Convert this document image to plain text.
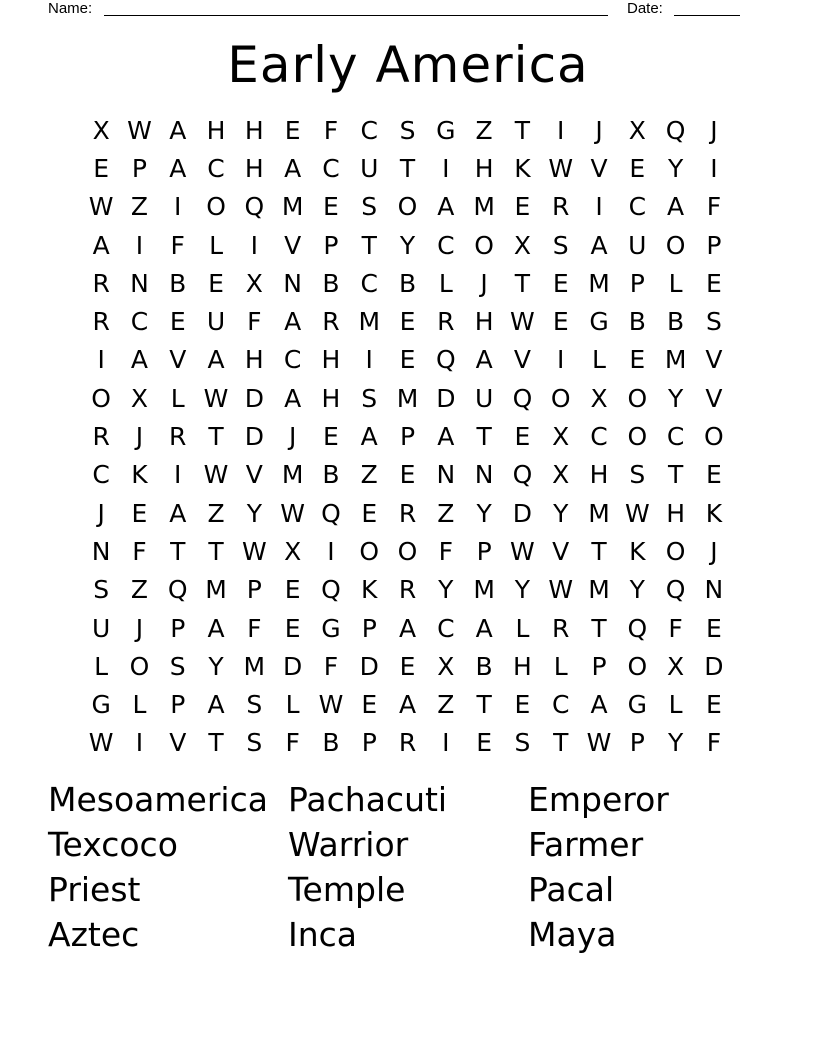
Name:	Date:
Early America
X W A H H E F C S G Z T	I	J	X Q J
E P A C H A C U T	I	H K W V E Y	I
W Z	I O Q M E S O A M E R	I	C A F
A	I	F L	I	V P T Y C O X S A U O P
R N B E X N B C B L	J	T E M P L E
R C E U F A R M E R H W E G B B S
I	A V A H C H	I	E Q A V	I	L E M V
O X L W D A H S M D U Q O X O Y V
R	J	R T D J	E A P A T E X C O C O
C K	I W V M B Z E N N Q X H S T E
J	E A Z Y W Q E R Z Y D Y M W H K
N F T T W X	I O O F P W V T K O J
S Z Q M P E Q K R Y M Y W M Y Q N
U	J	P A F E G P A C A L R T Q F E
L O S Y M D F D E X B H L P O X D
G L P A S L W E A Z T E C A G L E
W I	V T S F B P R	I	E S T W P Y F
Mesoamerica Pachacuti	Emperor
Texcoco	Warrior	Farmer
Priest	Temple	Pacal
Aztec	Inca	Maya
